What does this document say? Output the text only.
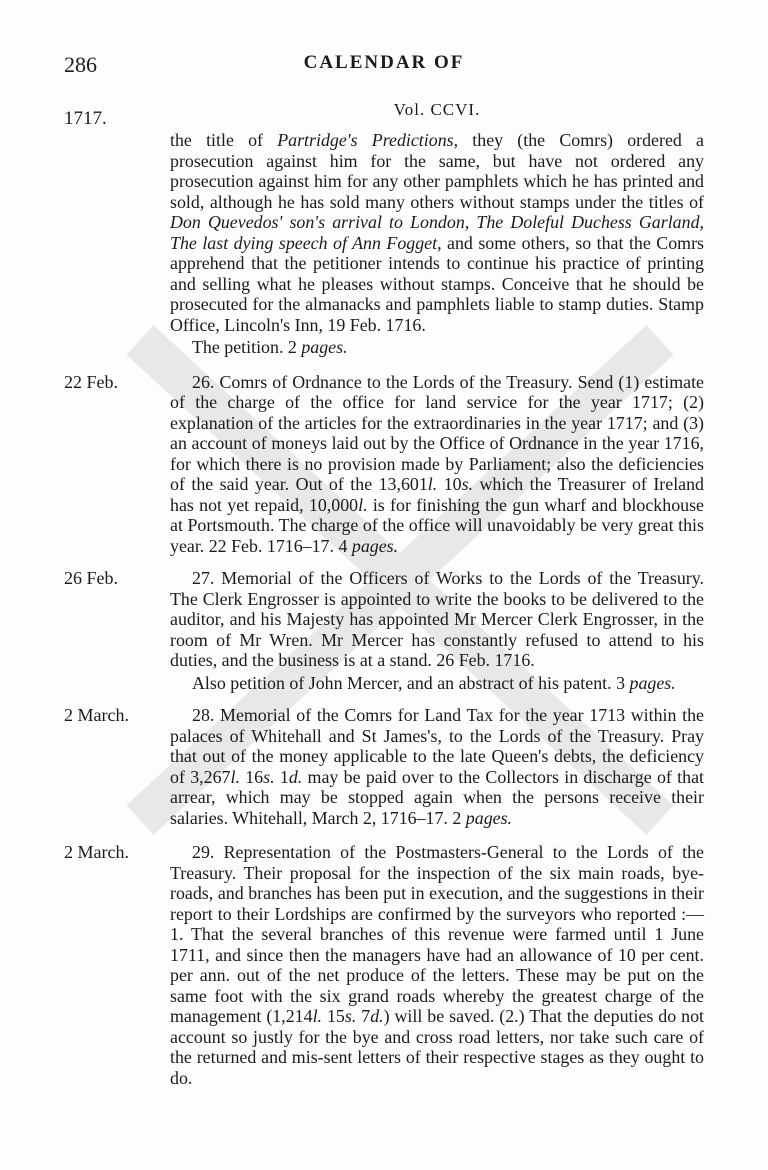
286	CALENDAR OF
1717.	Vol. CCVI.

the title of Partridge's Predictions, they (the Comrs) ordered a prosecution against him for the same, but have not ordered any prosecution against him for any other pamphlets which he has printed and sold, although he has sold many others without stamps under the titles of Don Quevedos' son's arrival to London, The Doleful Duchess Garland, The last dying speech of Ann Fogget, and some others, so that the Comrs apprehend that the petitioner intends to continue his practice of printing and selling what he pleases without stamps. Conceive that he should be prosecuted for the almanacks and pamphlets liable to stamp duties. Stamp Office, Lincoln's Inn, 19 Feb. 1716.

The petition. 2 pages.

22 Feb.	26. Comrs of Ordnance to the Lords of the Treasury. Send (1) estimate of the charge of the office for land service for the year 1717; (2) explanation of the articles for the extraordinaries in the year 1717; and (3) an account of moneys laid out by the Office of Ordnance in the year 1716, for which there is no provision made by Parliament; also the deficiencies of the said year. Out of the 13,601l. 10s. which the Treasurer of Ireland has not yet repaid, 10,000l. is for finishing the gun wharf and blockhouse at Portsmouth. The charge of the office will unavoidably be very great this year. 22 Feb. 1716–17. 4 pages.

26 Feb.	27. Memorial of the Officers of Works to the Lords of the Treasury. The Clerk Engrosser is appointed to write the books to be delivered to the auditor, and his Majesty has appointed Mr Mercer Clerk Engrosser, in the room of Mr Wren. Mr Mercer has constantly refused to attend to his duties, and the business is at a stand. 26 Feb. 1716.

Also petition of John Mercer, and an abstract of his patent. 3 pages.

2 March.	28. Memorial of the Comrs for Land Tax for the year 1713 within the palaces of Whitehall and St James's, to the Lords of the Treasury. Pray that out of the money applicable to the late Queen's debts, the deficiency of 3,267l. 16s. 1d. may be paid over to the Collectors in discharge of that arrear, which may be stopped again when the persons receive their salaries. Whitehall, March 2, 1716–17. 2 pages.

2 March.	29. Representation of the Postmasters-General to the Lords of the Treasury. Their proposal for the inspection of the six main roads, bye-roads, and branches has been put in execution, and the suggestions in their report to their Lordships are confirmed by the surveyors who reported :—1. That the several branches of this revenue were farmed until 1 June 1711, and since then the managers have had an allowance of 10 per cent. per ann. out of the net produce of the letters. These may be put on the same foot with the six grand roads whereby the greatest charge of the management (1,214l. 15s. 7d.) will be saved. (2.) That the deputies do not account so justly for the bye and cross road letters, nor take such care of the returned and mis-sent letters of their respective stages as they ought to do.
